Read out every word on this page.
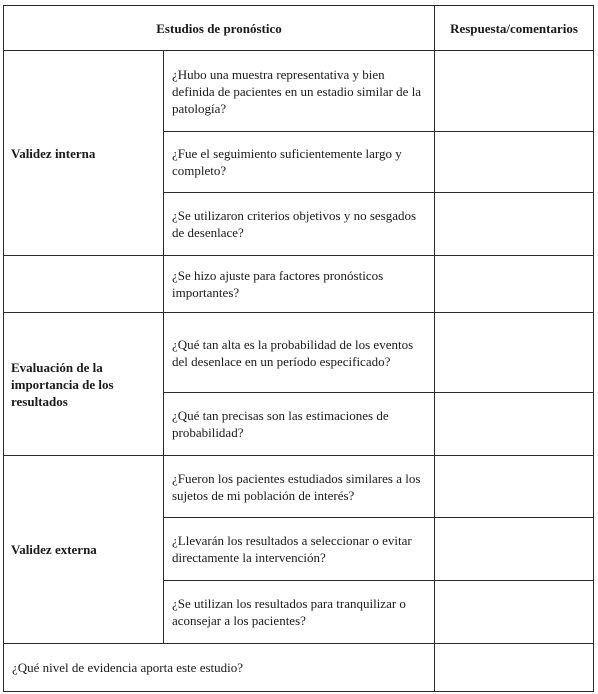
Estudios de pronóstico		Respuesta/comentarios
Validez interna	¿Hubo una muestra representativa y bien definida de pacientes en un estadio similar de la patología?	
	¿Fue el seguimiento suficientemente largo y completo?	
	¿Se utilizaron criterios objetivos y no sesgados de desenlace?	
	¿Se hizo ajuste para factores pronósticos importantes?	
Evaluación de la importancia de los resultados	¿Qué tan alta es la probabilidad de los eventos del desenlace en un período especificado?	
	¿Qué tan precisas son las estimaciones de probabilidad?	
Validez externa	¿Fueron los pacientes estudiados similares a los sujetos de mi población de interés?	
	¿Llevarán los resultados a seleccionar o evitar directamente la intervención?	
	¿Se utilizan los resultados para tranquilizar o aconsejar a los pacientes?	
¿Qué nivel de evidencia aporta este estudio?		
